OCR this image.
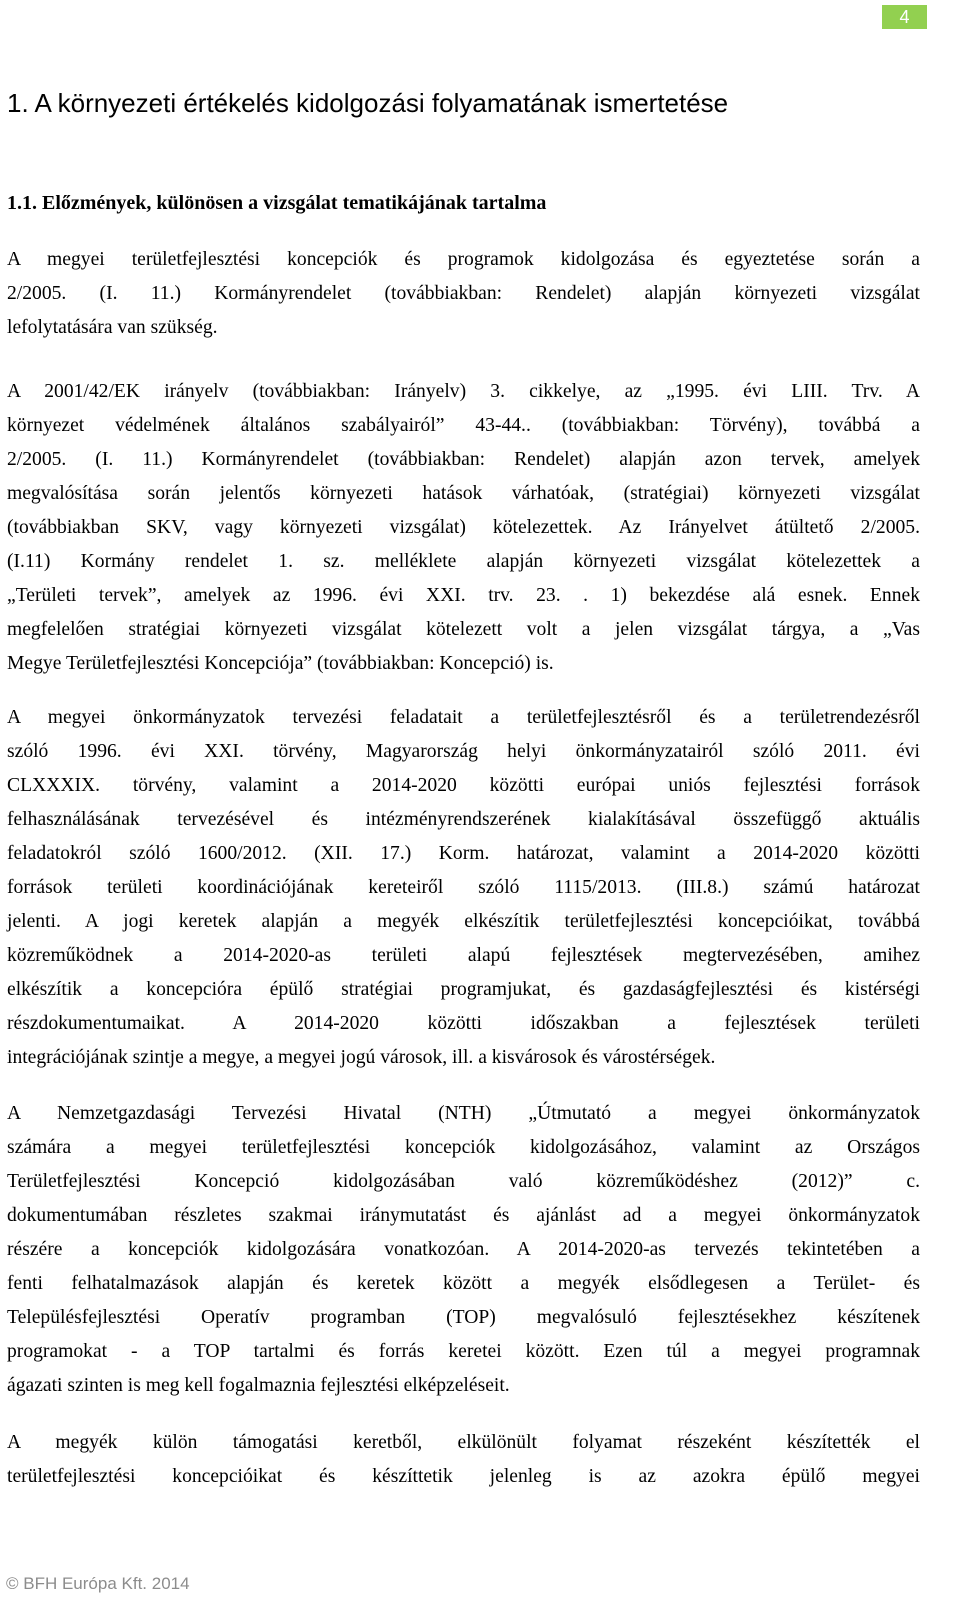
4
1. A környezeti értékelés kidolgozási folyamatának ismertetése
1.1. Előzmények, különösen a vizsgálat tematikájának tartalma
A megyei területfejlesztési koncepciók és programok kidolgozása és egyeztetése során a
2/2005. (I. 11.) Kormányrendelet (továbbiakban: Rendelet) alapján környezeti vizsgálat
lefolytatására van szükség.
A 2001/42/EK irányelv (továbbiakban: Irányelv) 3. cikkelye, az „1995. évi LIII. Trv. A
környezet védelmének általános szabályairól” 43-44.. (továbbiakban: Törvény), továbbá a
2/2005. (I. 11.) Kormányrendelet (továbbiakban: Rendelet) alapján azon tervek, amelyek
megvalósítása során jelentős környezeti hatások várhatóak, (stratégiai) környezeti vizsgálat
(továbbiakban SKV, vagy környezeti vizsgálat) kötelezettek. Az Irányelvet átültető 2/2005.
(I.11) Kormány rendelet 1. sz. melléklete alapján környezeti vizsgálat kötelezettek a
„Területi tervek”, amelyek az 1996. évi XXI. trv. 23. . 1) bekezdése alá esnek. Ennek
megfelelően stratégiai környezeti vizsgálat kötelezett volt a jelen vizsgálat tárgya, a „Vas
Megye Területfejlesztési Koncepciója” (továbbiakban: Koncepció) is.
A megyei önkormányzatok tervezési feladatait a területfejlesztésről és a területrendezésről
szóló 1996. évi XXI. törvény, Magyarország helyi önkormányzatairól szóló 2011. évi
CLXXXIX. törvény, valamint a 2014-2020 közötti európai uniós fejlesztési források
felhasználásának tervezésével és intézményrendszerének kialakításával összefüggő aktuális
feladatokról szóló 1600/2012. (XII. 17.) Korm. határozat, valamint a 2014-2020 közötti
források területi koordinációjának kereteiről szóló 1115/2013. (III.8.) számú határozat
jelenti. A jogi keretek alapján a megyék elkészítik területfejlesztési koncepcióikat, továbbá
közreműködnek a 2014-2020-as területi alapú fejlesztések megtervezésében, amihez
elkészítik a koncepcióra épülő stratégiai programjukat, és gazdaságfejlesztési és kistérségi
részdokumentumaikat. A 2014-2020 közötti időszakban a fejlesztések területi
integrációjának szintje a megye, a megyei jogú városok, ill. a kisvárosok és várostérségek.
A Nemzetgazdasági Tervezési Hivatal (NTH) „Útmutató a megyei önkormányzatok
számára a megyei területfejlesztési koncepciók kidolgozásához, valamint az Országos
Területfejlesztési Koncepció kidolgozásában való közreműködéshez (2012)” c.
dokumentumában részletes szakmai iránymutatást és ajánlást ad a megyei önkormányzatok
részére a koncepciók kidolgozására vonatkozóan. A 2014-2020-as tervezés tekintetében a
fenti felhatalmazások alapján és keretek között a megyék elsődlegesen a Terület- és
Településfejlesztési Operatív programban (TOP) megvalósuló fejlesztésekhez készítenek
programokat - a TOP tartalmi és forrás keretei között. Ezen túl a megyei programnak
ágazati szinten is meg kell fogalmaznia fejlesztési elképzeléseit.
A megyék külön támogatási keretből, elkülönült folyamat részeként készítették el
területfejlesztési koncepcióikat és készíttetik jelenleg is az azokra épülő megyei
© BFH Európa Kft. 2014
